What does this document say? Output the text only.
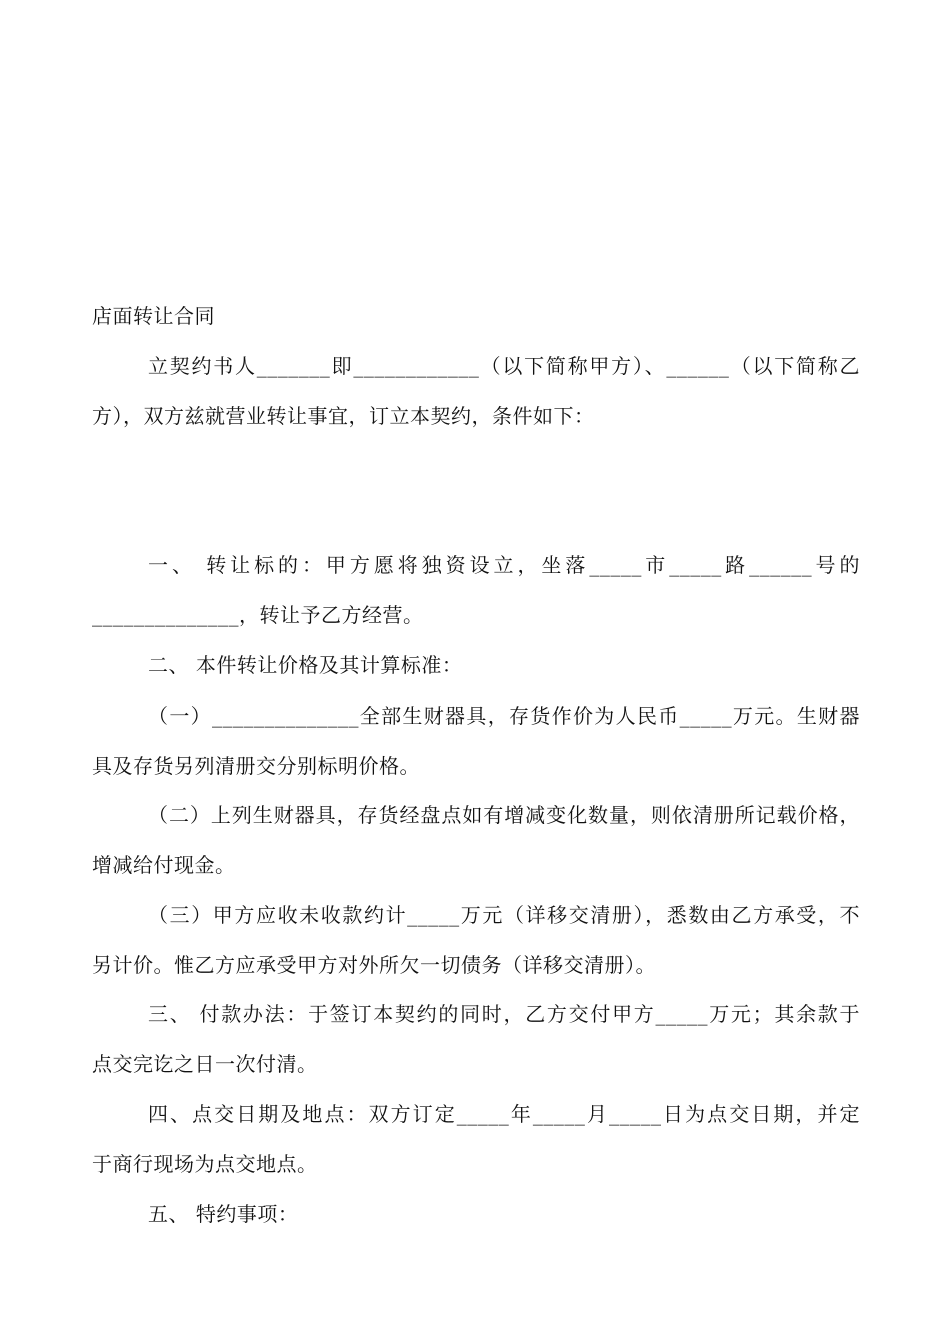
店面转让合同
立契约书人_______即____________（以下简称甲方）、______（以下简称乙
方），双方兹就营业转让事宜，订立本契约，条件如下：
一、 转让标的：甲方愿将独资设立，坐落_____市_____路______号的
______________，转让予乙方经营。
二、 本件转让价格及其计算标准：
（一）______________全部生财器具，存货作价为人民币_____万元。生财器
具及存货另列清册交分别标明价格。
（二）上列生财器具，存货经盘点如有增减变化数量，则依清册所记载价格，
增减给付现金。
（三）甲方应收未收款约计_____万元（详移交清册），悉数由乙方承受，不
另计价。惟乙方应承受甲方对外所欠一切债务（详移交清册）。
三、 付款办法：于签订本契约的同时，乙方交付甲方_____万元；其余款于
点交完讫之日一次付清。
四、点交日期及地点：双方订定_____年_____月_____日为点交日期，并定
于商行现场为点交地点。
五、 特约事项：
